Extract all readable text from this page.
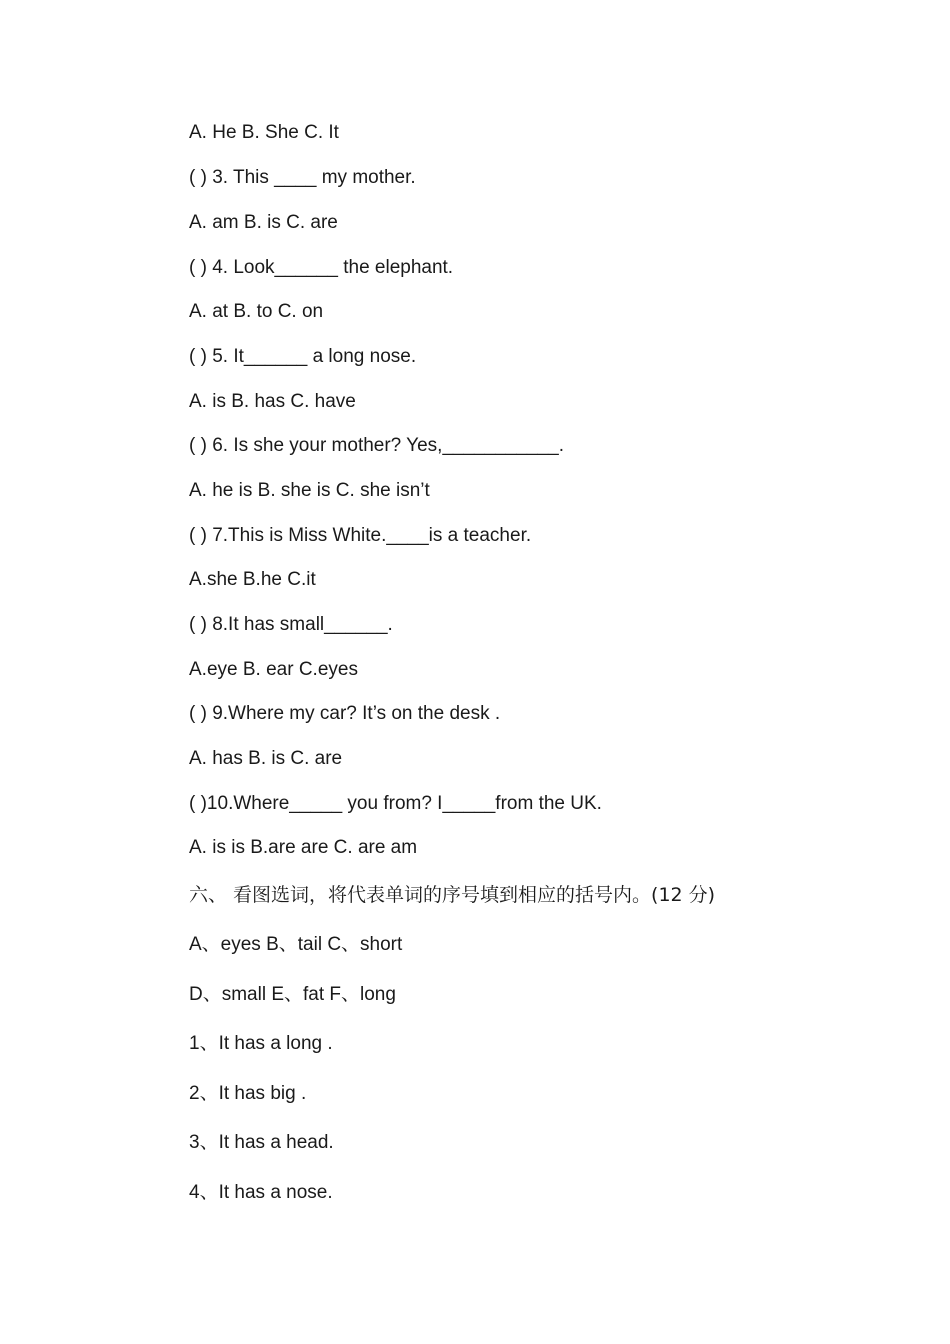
A. He B. She C. It
( ) 3. This ____ my mother.
A. am B. is C. are
( ) 4. Look______ the elephant.
A. at B. to C. on
( ) 5. It______ a long nose.
A. is B. has C. have
( ) 6. Is she your mother? Yes,___________.
A. he is B. she is C. she isn’t
( ) 7.This is Miss White.____is a teacher.
A.she B.he C.it
( ) 8.It has small______.
A.eye B. ear C.eyes
( ) 9.Where my car? It’s on the desk .
A. has B. is C. are
( )10.Where_____ you from? I_____from the UK.
A. is is B.are are C. are am
六、 看图选词，将代表单词的序号填到相应的括号内。(12 分)
A、eyes B、tail C、short
D、small E、fat F、long
1、It has a long .
2、It has big .
3、It has a head.
4、It has a nose.
